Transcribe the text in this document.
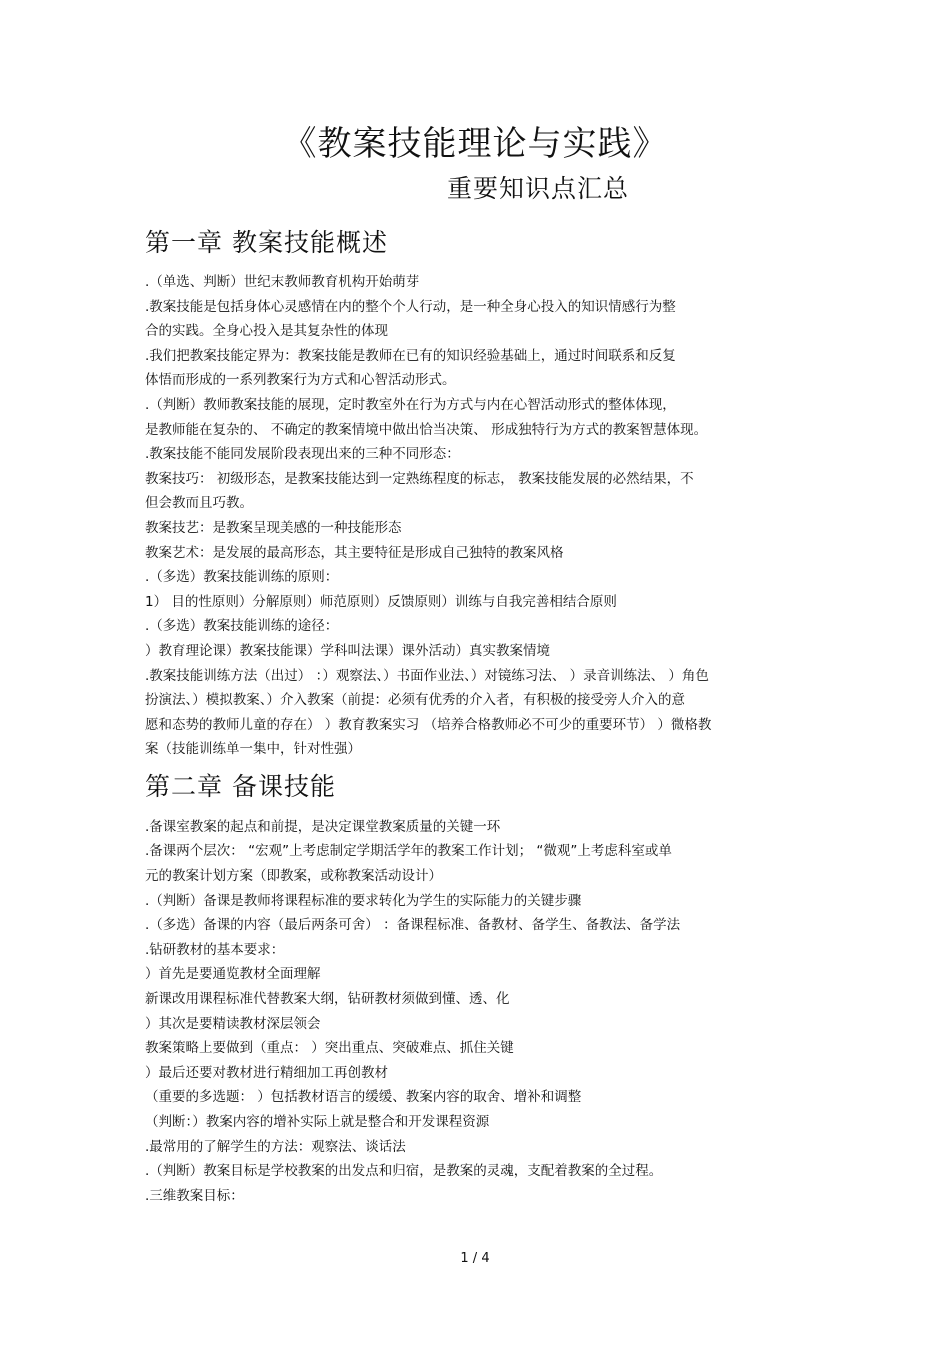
《教案技能理论与实践》
重要知识点汇总
第一章 教案技能概述
.（单选、判断）世纪末教师教育机构开始萌芽
.教案技能是包括身体心灵感情在内的整个个人行动，是一种全身心投入的知识情感行为整
合的实践。全身心投入是其复杂性的体现
.我们把教案技能定界为：教案技能是教师在已有的知识经验基础上，通过时间联系和反复
体悟而形成的一系列教案行为方式和心智活动形式。
.（判断）教师教案技能的展现，定时教室外在行为方式与内在心智活动形式的整体体现，
是教师能在复杂的、 不确定的教案情境中做出恰当决策、 形成独特行为方式的教案智慧体现。
.教案技能不能同发展阶段表现出来的三种不同形态：
教案技巧： 初级形态，是教案技能达到一定熟练程度的标志， 教案技能发展的必然结果，不
但会教而且巧教。
教案技艺：是教案呈现美感的一种技能形态
教案艺术：是发展的最高形态，其主要特征是形成自己独特的教案风格
.（多选）教案技能训练的原则：
1） 目的性原则）分解原则）师范原则）反馈原则）训练与自我完善相结合原则
.（多选）教案技能训练的途径：
）教育理论课）教案技能课）学科叫法课）课外活动）真实教案情境
.教案技能训练方法（出过） ：）观察法、）书面作业法、）对镜练习法、 ）录音训练法、 ）角色
扮演法、）模拟教案、）介入教案（前提：必须有优秀的介入者，有积极的接受旁人介入的意
愿和态势的教师儿童的存在） ）教育教案实习 （培养合格教师必不可少的重要环节） ）微格教
案（技能训练单一集中，针对性强）
第二章 备课技能
.备课室教案的起点和前提，是决定课堂教案质量的关键一环
.备课两个层次： “宏观”上考虑制定学期活学年的教案工作计划； “微观”上考虑科室或单
元的教案计划方案（即教案，或称教案活动设计）
.（判断）备课是教师将课程标准的要求转化为学生的实际能力的关键步骤
.（多选）备课的内容（最后两条可舍） ：备课程标准、备教材、备学生、备教法、备学法
.钻研教材的基本要求：
）首先是要通览教材全面理解
新课改用课程标准代替教案大纲，钻研教材须做到懂、透、化
）其次是要精读教材深层领会
教案策略上要做到（重点： ）突出重点、突破难点、抓住关键
）最后还要对教材进行精细加工再创教材
（重要的多选题： ）包括教材语言的缓缓、教案内容的取舍、增补和调整
（判断：）教案内容的增补实际上就是整合和开发课程资源
.最常用的了解学生的方法：观察法、谈话法
.（判断）教案目标是学校教案的出发点和归宿，是教案的灵魂，支配着教案的全过程。
.三维教案目标：
1 / 4
